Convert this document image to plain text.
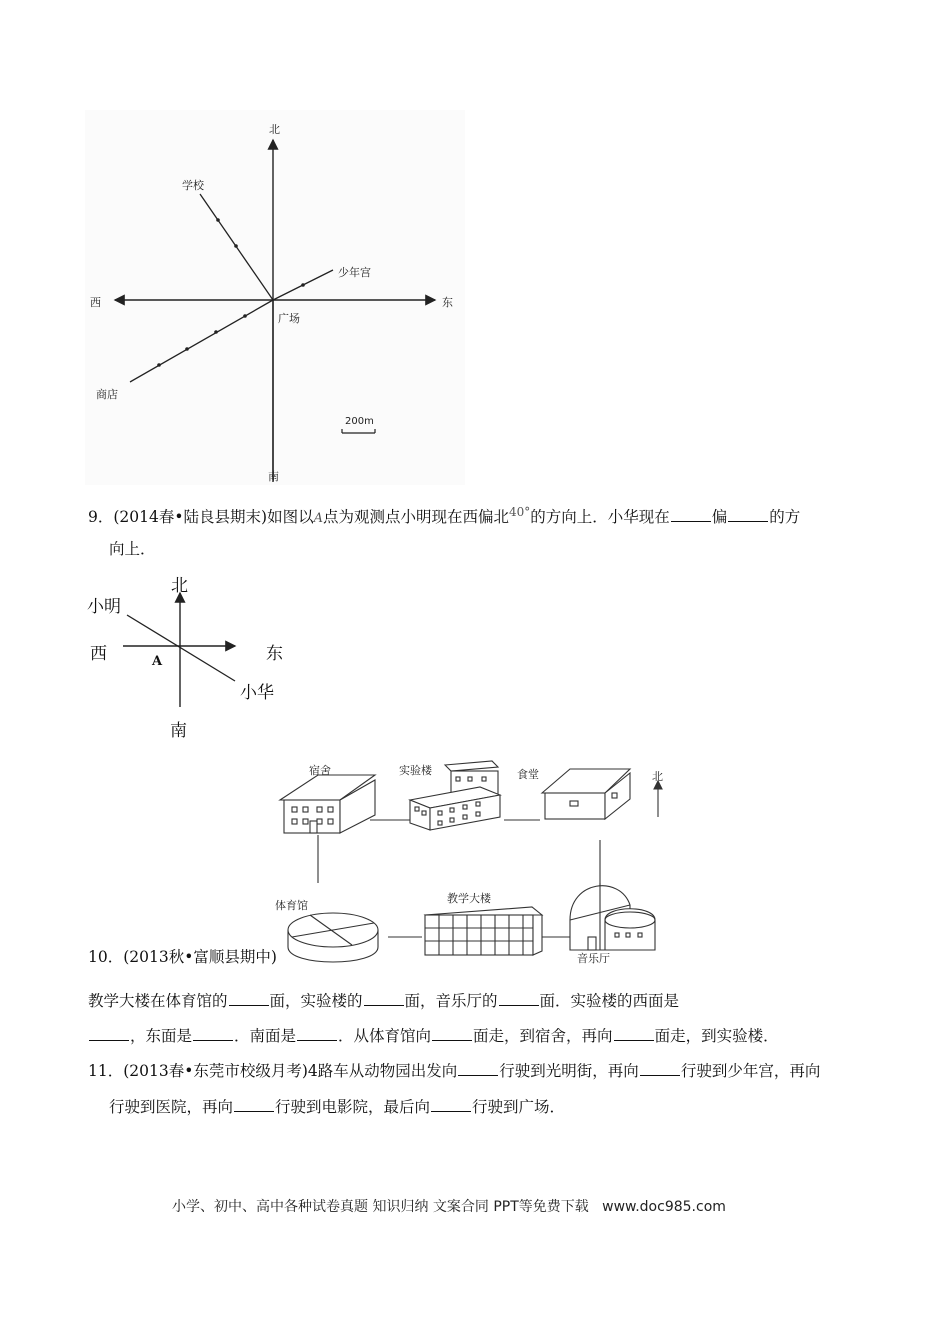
北
南
西	东
学校
少年宫
广场
商店
200m
9．(2014春•陆良县期末)如图以A点为观测点小明现在西偏北$^{40^\circ}$的方向上．小华现在	偏	的方
向上．
北
南
西	东
小明
小华
A
宿舍	实验楼	食堂	北
体育馆
教学大楼
音乐厅
10．(2013秋•富顺县期中)
教学大楼在体育馆的	面，实验楼的	面，音乐厅的	面．实验楼的西面是
，东面是	．南面是	．从体育馆向	面走，到宿舍，再向	面走，到实验楼．
11．(2013春•东莞市校级月考)4路车从动物园出发向	行驶到光明街，再向	行驶到少年宫，再向
行驶到医院，再向	行驶到电影院，最后向	行驶到广场．
小学、初中、高中各种试卷真题 知识归纳 文案合同 PPT等免费下载 www.doc985.com
